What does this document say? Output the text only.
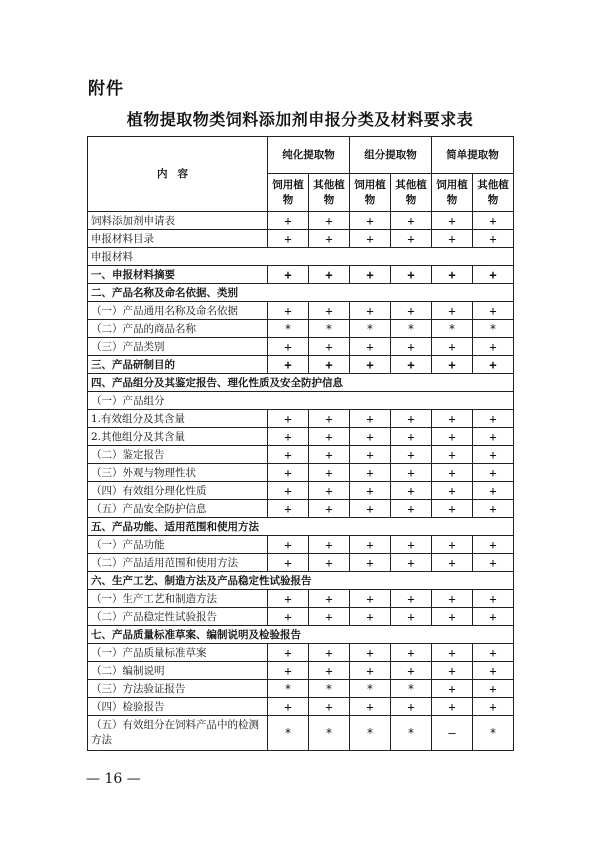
附件
植物提取物类饲料添加剂申报分类及材料要求表
内容	纯化提取物		组分提取物		简单提取物	
	饲用植物	其他植物	饲用植物	其他植物	饲用植物	其他植物
饲料添加剂申请表	+	+	+	+	+	+
申报材料目录	+	+	+	+	+	+
申报材料						
一、申报材料摘要	+	+	+	+	+	+
二、产品名称及命名依据、类别						
（一）产品通用名称及命名依据	+	+	+	+	+	+
（二）产品的商品名称	*	*	*	*	*	*
（三）产品类别	+	+	+	+	+	+
三、产品研制目的	+	+	+	+	+	+
四、产品组分及其鉴定报告、理化性质及安全防护信息						
（一）产品组分						
1.有效组分及其含量	+	+	+	+	+	+
2.其他组分及其含量	+	+	+	+	+	+
（二）鉴定报告	+	+	+	+	+	+
（三）外观与物理性状	+	+	+	+	+	+
（四）有效组分理化性质	+	+	+	+	+	+
（五）产品安全防护信息	+	+	+	+	+	+
五、产品功能、适用范围和使用方法						
（一）产品功能	+	+	+	+	+	+
（二）产品适用范围和使用方法	+	+	+	+	+	+
六、生产工艺、制造方法及产品稳定性试验报告						
（一）生产工艺和制造方法	+	+	+	+	+	+
（二）产品稳定性试验报告	+	+	+	+	+	+
七、产品质量标准草案、编制说明及检验报告						
（一）产品质量标准草案	+	+	+	+	+	+
（二）编制说明	+	+	+	+	+	+
（三）方法验证报告	*	*	*	*	+	+
（四）检验报告	+	+	+	+	+	+
（五）有效组分在饲料产品中的检测方法	*	*	*	*	–	*
— 16 —
